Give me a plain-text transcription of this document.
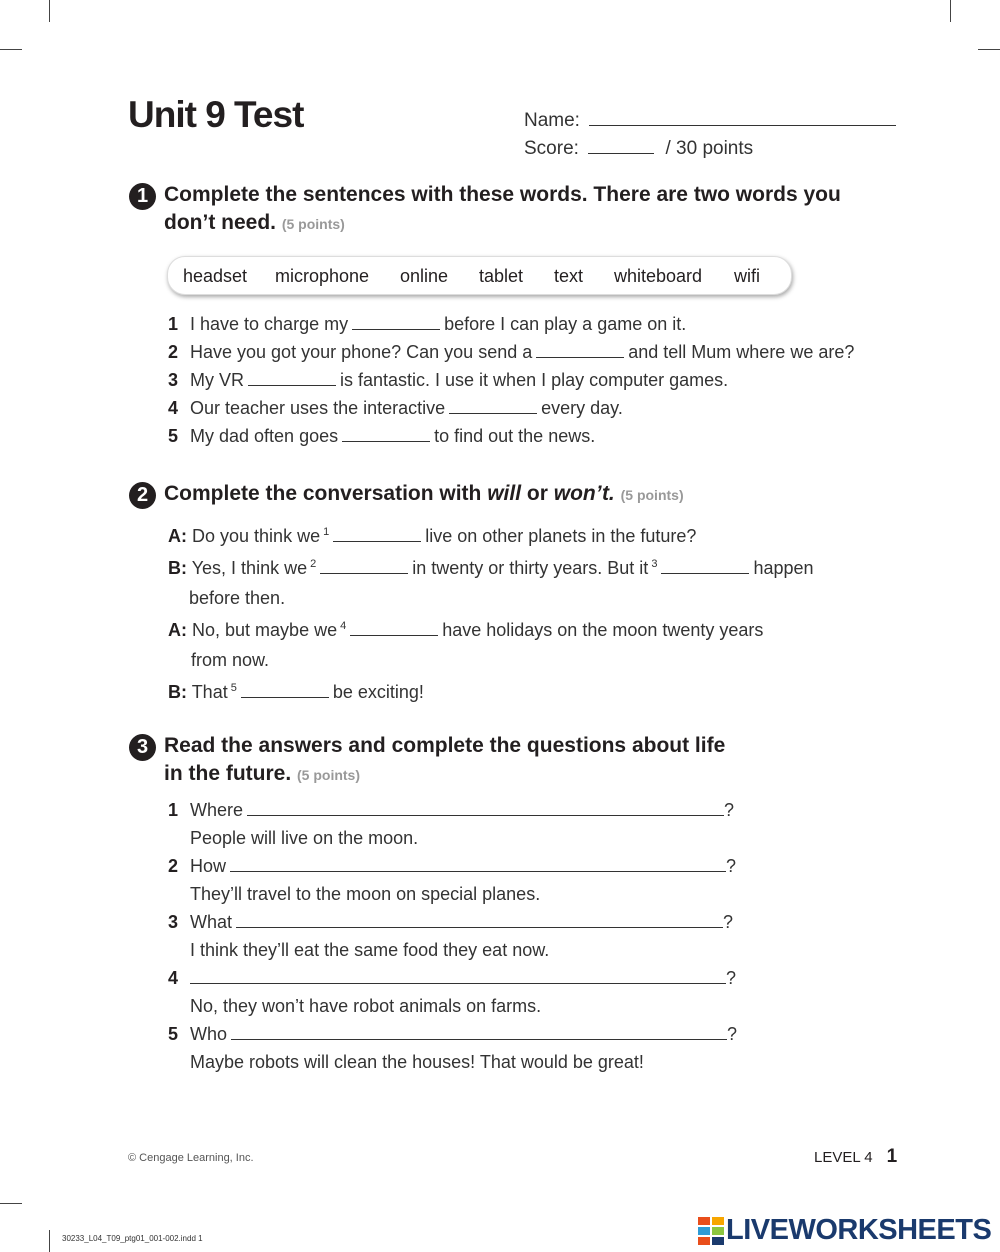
Unit 9 Test	Name:
Score:	/ 30 points
1 Complete the sentences with these words. There are two words you
don’t need. (5 points)
headset microphone online tablet text whiteboard wifi
1 I have to charge my	before I can play a game on it.
2 Have you got your phone? Can you send a	and tell Mum where we are?
3 My VR	is fantastic. I use it when I play computer games.
4 Our teacher uses the interactive	every day.
5 My dad often goes	to find out the news.
2 Complete the conversation with will or won’t. (5 points)
A: Do you think we $^1$	live on other planets in the future?
B: Yes, I think we $^2$	in twenty or thirty years. But it $^3$	happen
before then.
A: No, but maybe we $^4$	have holidays on the moon twenty years
from now.
B: That $^5$	be exciting!
3 Read the answers and complete the questions about life
in the future. (5 points)
1 Where	?
People will live on the moon.
2 How	?
They’ll travel to the moon on special planes.
3 What	?
I think they’ll eat the same food they eat now.
4	?
No, they won’t have robot animals on farms.
5 Who	?
Maybe robots will clean the houses! That would be great!
© Cengage Learning, Inc.	LEVEL 4 1
30233_L04_T09_ptg01_001-002.indd 1	LIVEWORKSHEETS
